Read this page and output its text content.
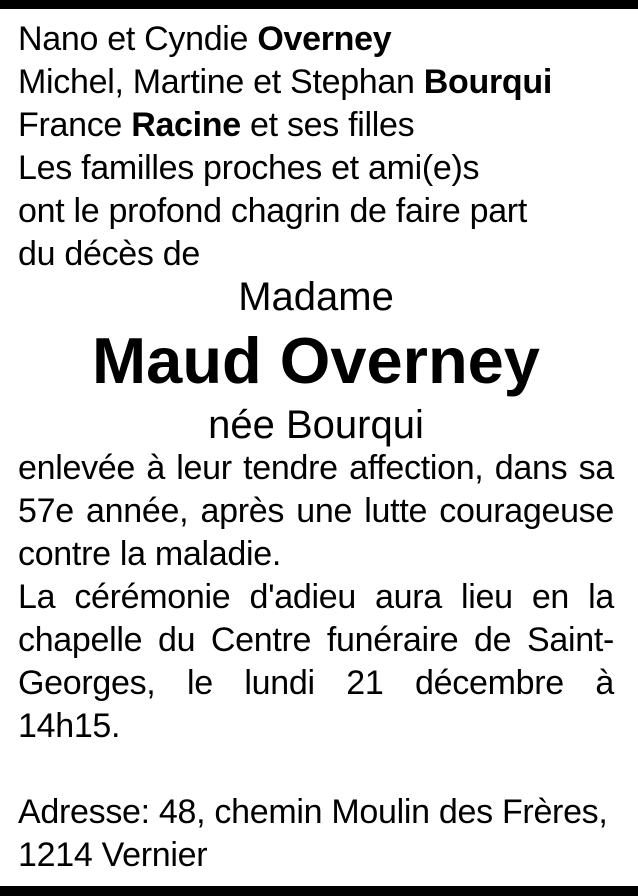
Nano et Cyndie Overney
Michel, Martine et Stephan Bourqui
France Racine et ses filles
Les familles proches et ami(e)s
ont le profond chagrin de faire part
du décès de
Madame
Maud Overney
née Bourqui
enlevée à leur tendre affection, dans sa
57e année, après une lutte courageuse
contre la maladie.
La cérémonie d'adieu aura lieu en la
chapelle du Centre funéraire de Saint-
Georges, le lundi 21 décembre à
14h15.
Adresse: 48, chemin Moulin des Frères,
1214 Vernier
